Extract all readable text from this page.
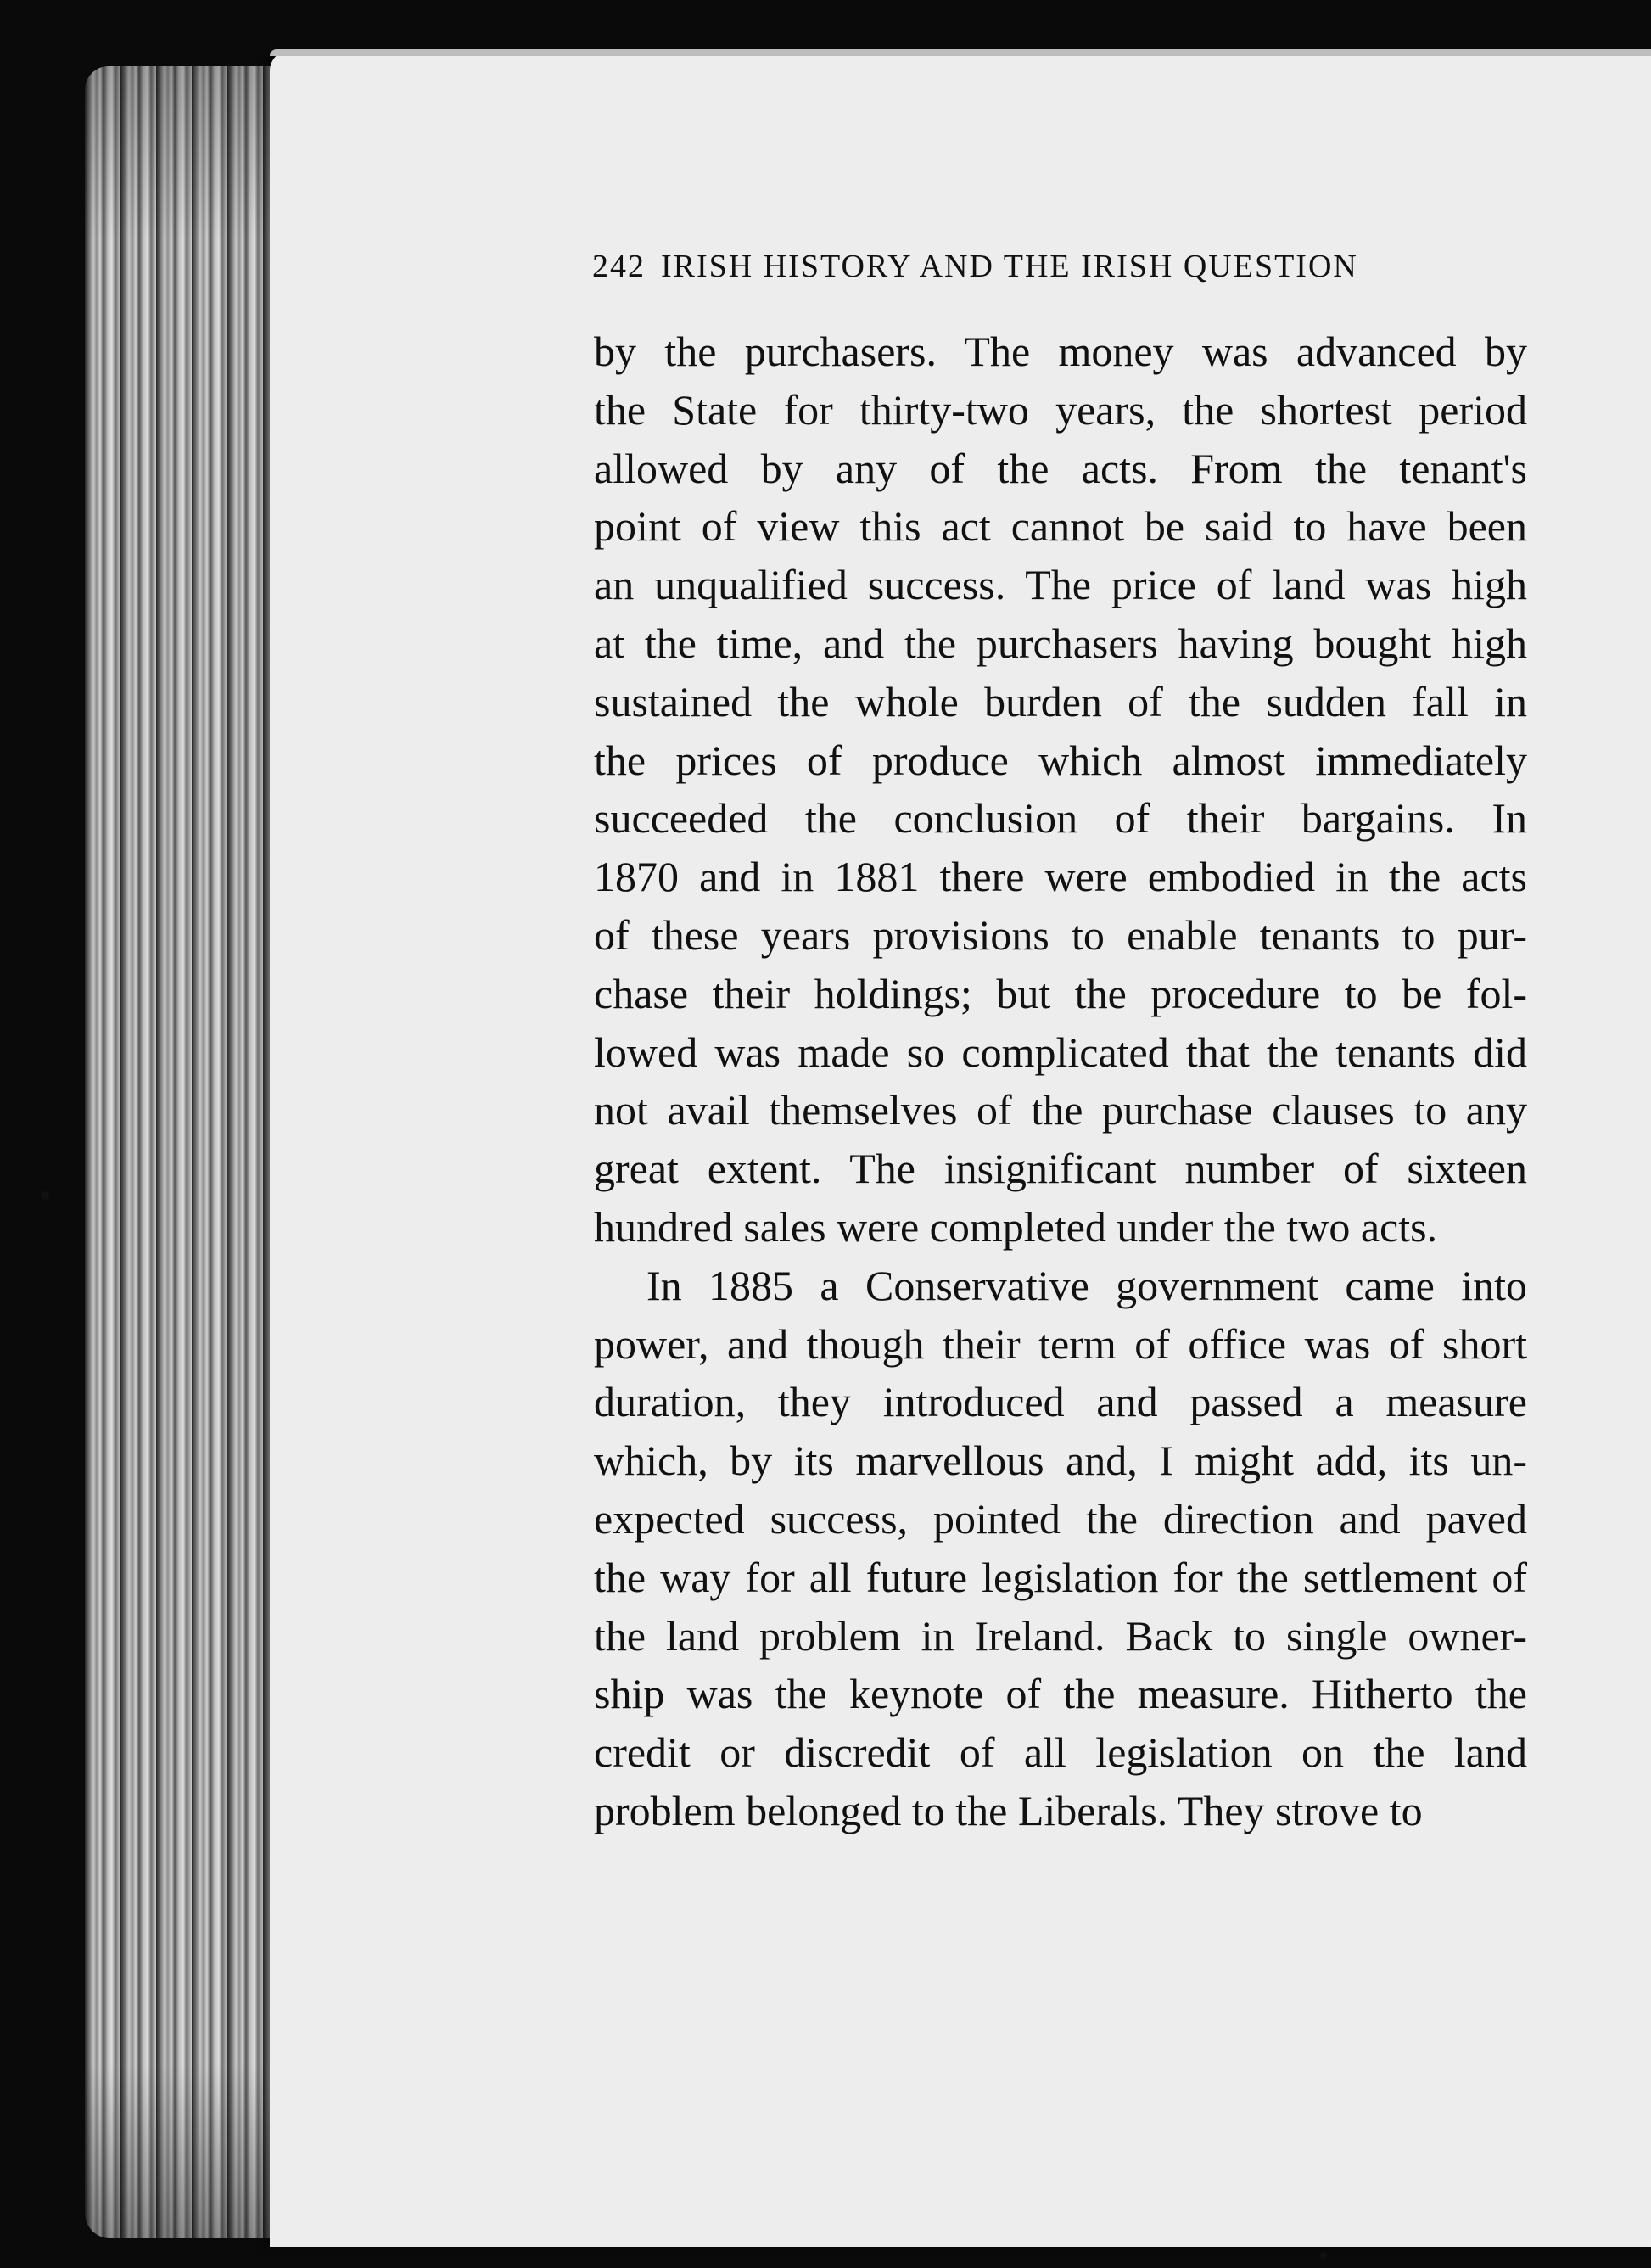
242 IRISH HISTORY AND THE IRISH QUESTION
by the purchasers. The money was advanced by
the State for thirty-two years, the shortest period
allowed by any of the acts. From the tenant's
point of view this act cannot be said to have been
an unqualified success. The price of land was high
at the time, and the purchasers having bought high
sustained the whole burden of the sudden fall in
the prices of produce which almost immediately
succeeded the conclusion of their bargains. In
1870 and in 1881 there were embodied in the acts
of these years provisions to enable tenants to pur-
chase their holdings; but the procedure to be fol-
lowed was made so complicated that the tenants did
not avail themselves of the purchase clauses to any
great extent. The insignificant number of sixteen
hundred sales were completed under the two acts.
In 1885 a Conservative government came into
power, and though their term of office was of short
duration, they introduced and passed a measure
which, by its marvellous and, I might add, its un-
expected success, pointed the direction and paved
the way for all future legislation for the settlement of
the land problem in Ireland. Back to single owner-
ship was the keynote of the measure. Hitherto the
credit or discredit of all legislation on the land
problem belonged to the Liberals. They strove to
